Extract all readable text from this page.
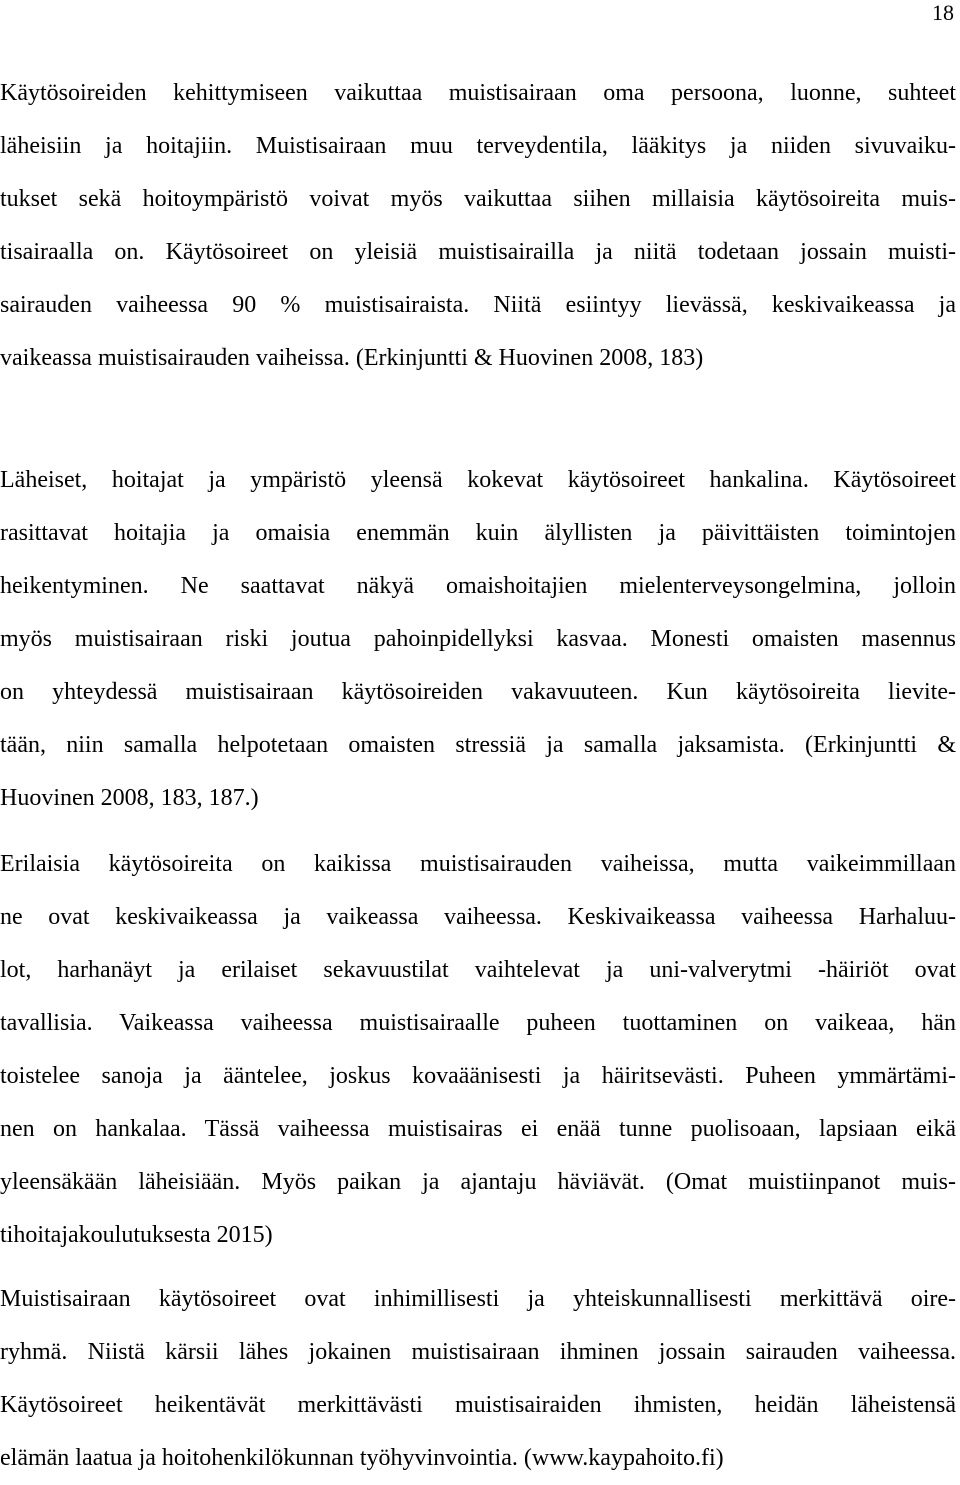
18

Käytösoireiden kehittymiseen vaikuttaa muistisairaan oma persoona, luonne, suhteet
läheisiin ja hoitajiin. Muistisairaan muu terveydentila, lääkitys ja niiden sivuvaiku-
tukset sekä hoitoympäristö voivat myös vaikuttaa siihen millaisia käytösoireita muis-
tisairaalla on. Käytösoireet on yleisiä muistisairailla ja niitä todetaan jossain muisti-
sairauden vaiheessa 90 % muistisairaista. Niitä esiintyy lievässä, keskivaikeassa ja
vaikeassa muistisairauden vaiheissa. (Erkinjuntti & Huovinen 2008, 183)

Läheiset, hoitajat ja ympäristö yleensä kokevat käytösoireet hankalina. Käytösoireet
rasittavat hoitajia ja omaisia enemmän kuin älyllisten ja päivittäisten toimintojen
heikentyminen. Ne saattavat näkyä omaishoitajien mielenterveysongelmina, jolloin
myös muistisairaan riski joutua pahoinpidellyksi kasvaa. Monesti omaisten masennus
on yhteydessä muistisairaan käytösoireiden vakavuuteen. Kun käytösoireita lievite-
tään, niin samalla helpotetaan omaisten stressiä ja samalla jaksamista. (Erkinjuntti &
Huovinen 2008, 183, 187.)

Erilaisia käytösoireita on kaikissa muistisairauden vaiheissa, mutta vaikeimmillaan
ne ovat keskivaikeassa ja vaikeassa vaiheessa. Keskivaikeassa vaiheessa Harhaluu-
lot, harhanäyt ja erilaiset sekavuustilat vaihtelevat ja uni-valverytmi -häiriöt ovat
tavallisia. Vaikeassa vaiheessa muistisairaalle puheen tuottaminen on vaikeaa, hän
toistelee sanoja ja ääntelee, joskus kovaäänisesti ja häiritsevästi. Puheen ymmärtämi-
nen on hankalaa. Tässä vaiheessa muistisairas ei enää tunne puolisoaan, lapsiaan eikä
yleensäkään läheisiään. Myös paikan ja ajantaju häviävät. (Omat muistiinpanot muis-
tihoitajakoulutuksesta 2015)

Muistisairaan käytösoireet ovat inhimillisesti ja yhteiskunnallisesti merkittävä oire-
ryhmä. Niistä kärsii lähes jokainen muistisairaan ihminen jossain sairauden vaiheessa.
Käytösoireet heikentävät merkittävästi muistisairaiden ihmisten, heidän läheistensä
elämän laatua ja hoitohenkilökunnan työhyvinvointia. (www.kaypahoito.fi)
